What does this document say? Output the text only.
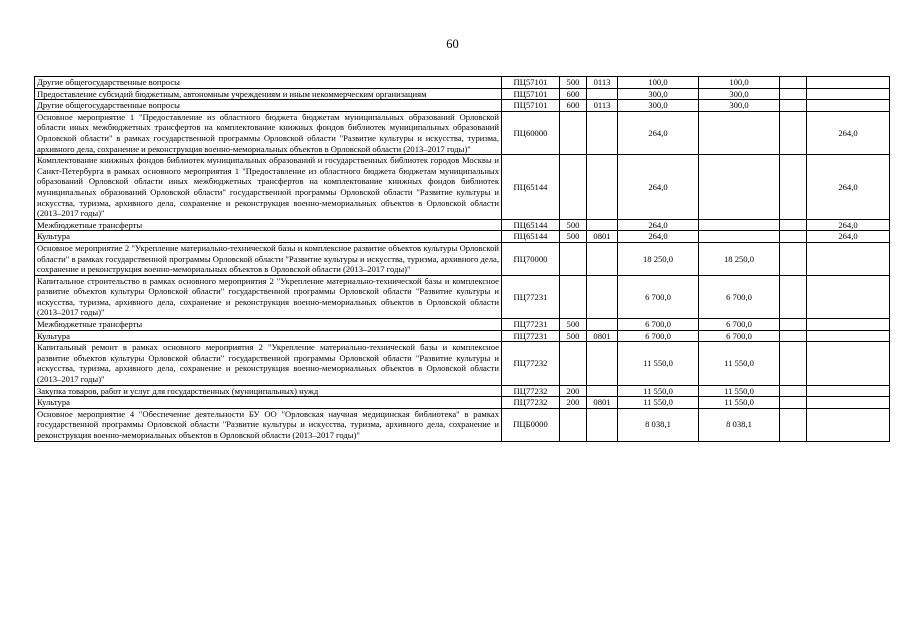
60
Другие общегосударственные вопросы	ПЦ57101	500	0113	100,0	100,0		
Предоставление субсидий бюджетным, автономным учреждениям и иным некоммерческим организациям	ПЦ57101	600		300,0	300,0		
Другие общегосударственные вопросы	ПЦ57101	600	0113	300,0	300,0		
Основное мероприятие 1 "Предоставление из областного бюджета бюджетам муниципальных образований Орловской области иных межбюджетных трансфертов на комплектование книжных фондов библиотек муниципальных образований Орловской области" в рамках государственной программы Орловской области "Развитие культуры и искусства, туризма, архивного дела, сохранение и реконструкция военно-мемориальных объектов в Орловской области (2013–2017 годы)"	ПЦ60000			264,0			264,0
Комплектование книжных фондов библиотек муниципальных образований и государственных библиотек городов Москвы и Санкт-Петербурга в рамках основного мероприятия 1 "Предоставление из областного бюджета бюджетам муниципальных образований Орловской области иных межбюджетных трансфертов на комплектование книжных фондов библиотек муниципальных образований Орловской области" государственной программы Орловской области "Развитие культуры и искусства, туризма, архивного дела, сохранение и реконструкция военно-мемориальных объектов в Орловской области (2013–2017 годы)"	ПЦ65144			264,0			264,0
Межбюджетные трансферты	ПЦ65144	500		264,0			264,0
Культура	ПЦ65144	500	0801	264,0			264,0
Основное мероприятие 2 "Укрепление материально-технической базы и комплексное развитие объектов культуры Орловской области" в рамках государственной программы Орловской области "Развитие культуры и искусства, туризма, архивного дела, сохранение и реконструкция военно-мемориальных объектов в Орловской области (2013–2017 годы)"	ПЦ70000			18 250,0	18 250,0		
Капитальное строительство в рамках основного мероприятия 2 "Укрепление материально-технической базы и комплексное развитие объектов культуры Орловской области" государственной программы Орловской области "Развитие культуры и искусства, туризма, архивного дела, сохранение и реконструкция военно-мемориальных объектов в Орловской области (2013–2017 годы)"	ПЦ77231			6 700,0	6 700,0		
Межбюджетные трансферты	ПЦ77231	500		6 700,0	6 700,0		
Культура	ПЦ77231	500	0801	6 700,0	6 700,0		
Капитальный ремонт в рамках основного мероприятия 2 "Укрепление материально-технической базы и комплексное развитие объектов культуры Орловской области" государственной программы Орловской области "Развитие культуры и искусства, туризма, архивного дела, сохранение и реконструкция военно-мемориальных объектов в Орловской области (2013–2017 годы)"	ПЦ77232			11 550,0	11 550,0		
Закупка товаров, работ и услуг для государственных (муниципальных) нужд	ПЦ77232	200		11 550,0	11 550,0		
Культура	ПЦ77232	200	0801	11 550,0	11 550,0		
Основное мероприятие 4 "Обеспечение деятельности БУ ОО "Орловская научная медицинская библиотека" в рамках государственной программы Орловской области "Развитие культуры и искусства, туризма, архивного дела, сохранение и реконструкция военно-мемориальных объектов в Орловской области (2013–2017 годы)"	ПЦБ0000			8 038,1	8 038,1		
